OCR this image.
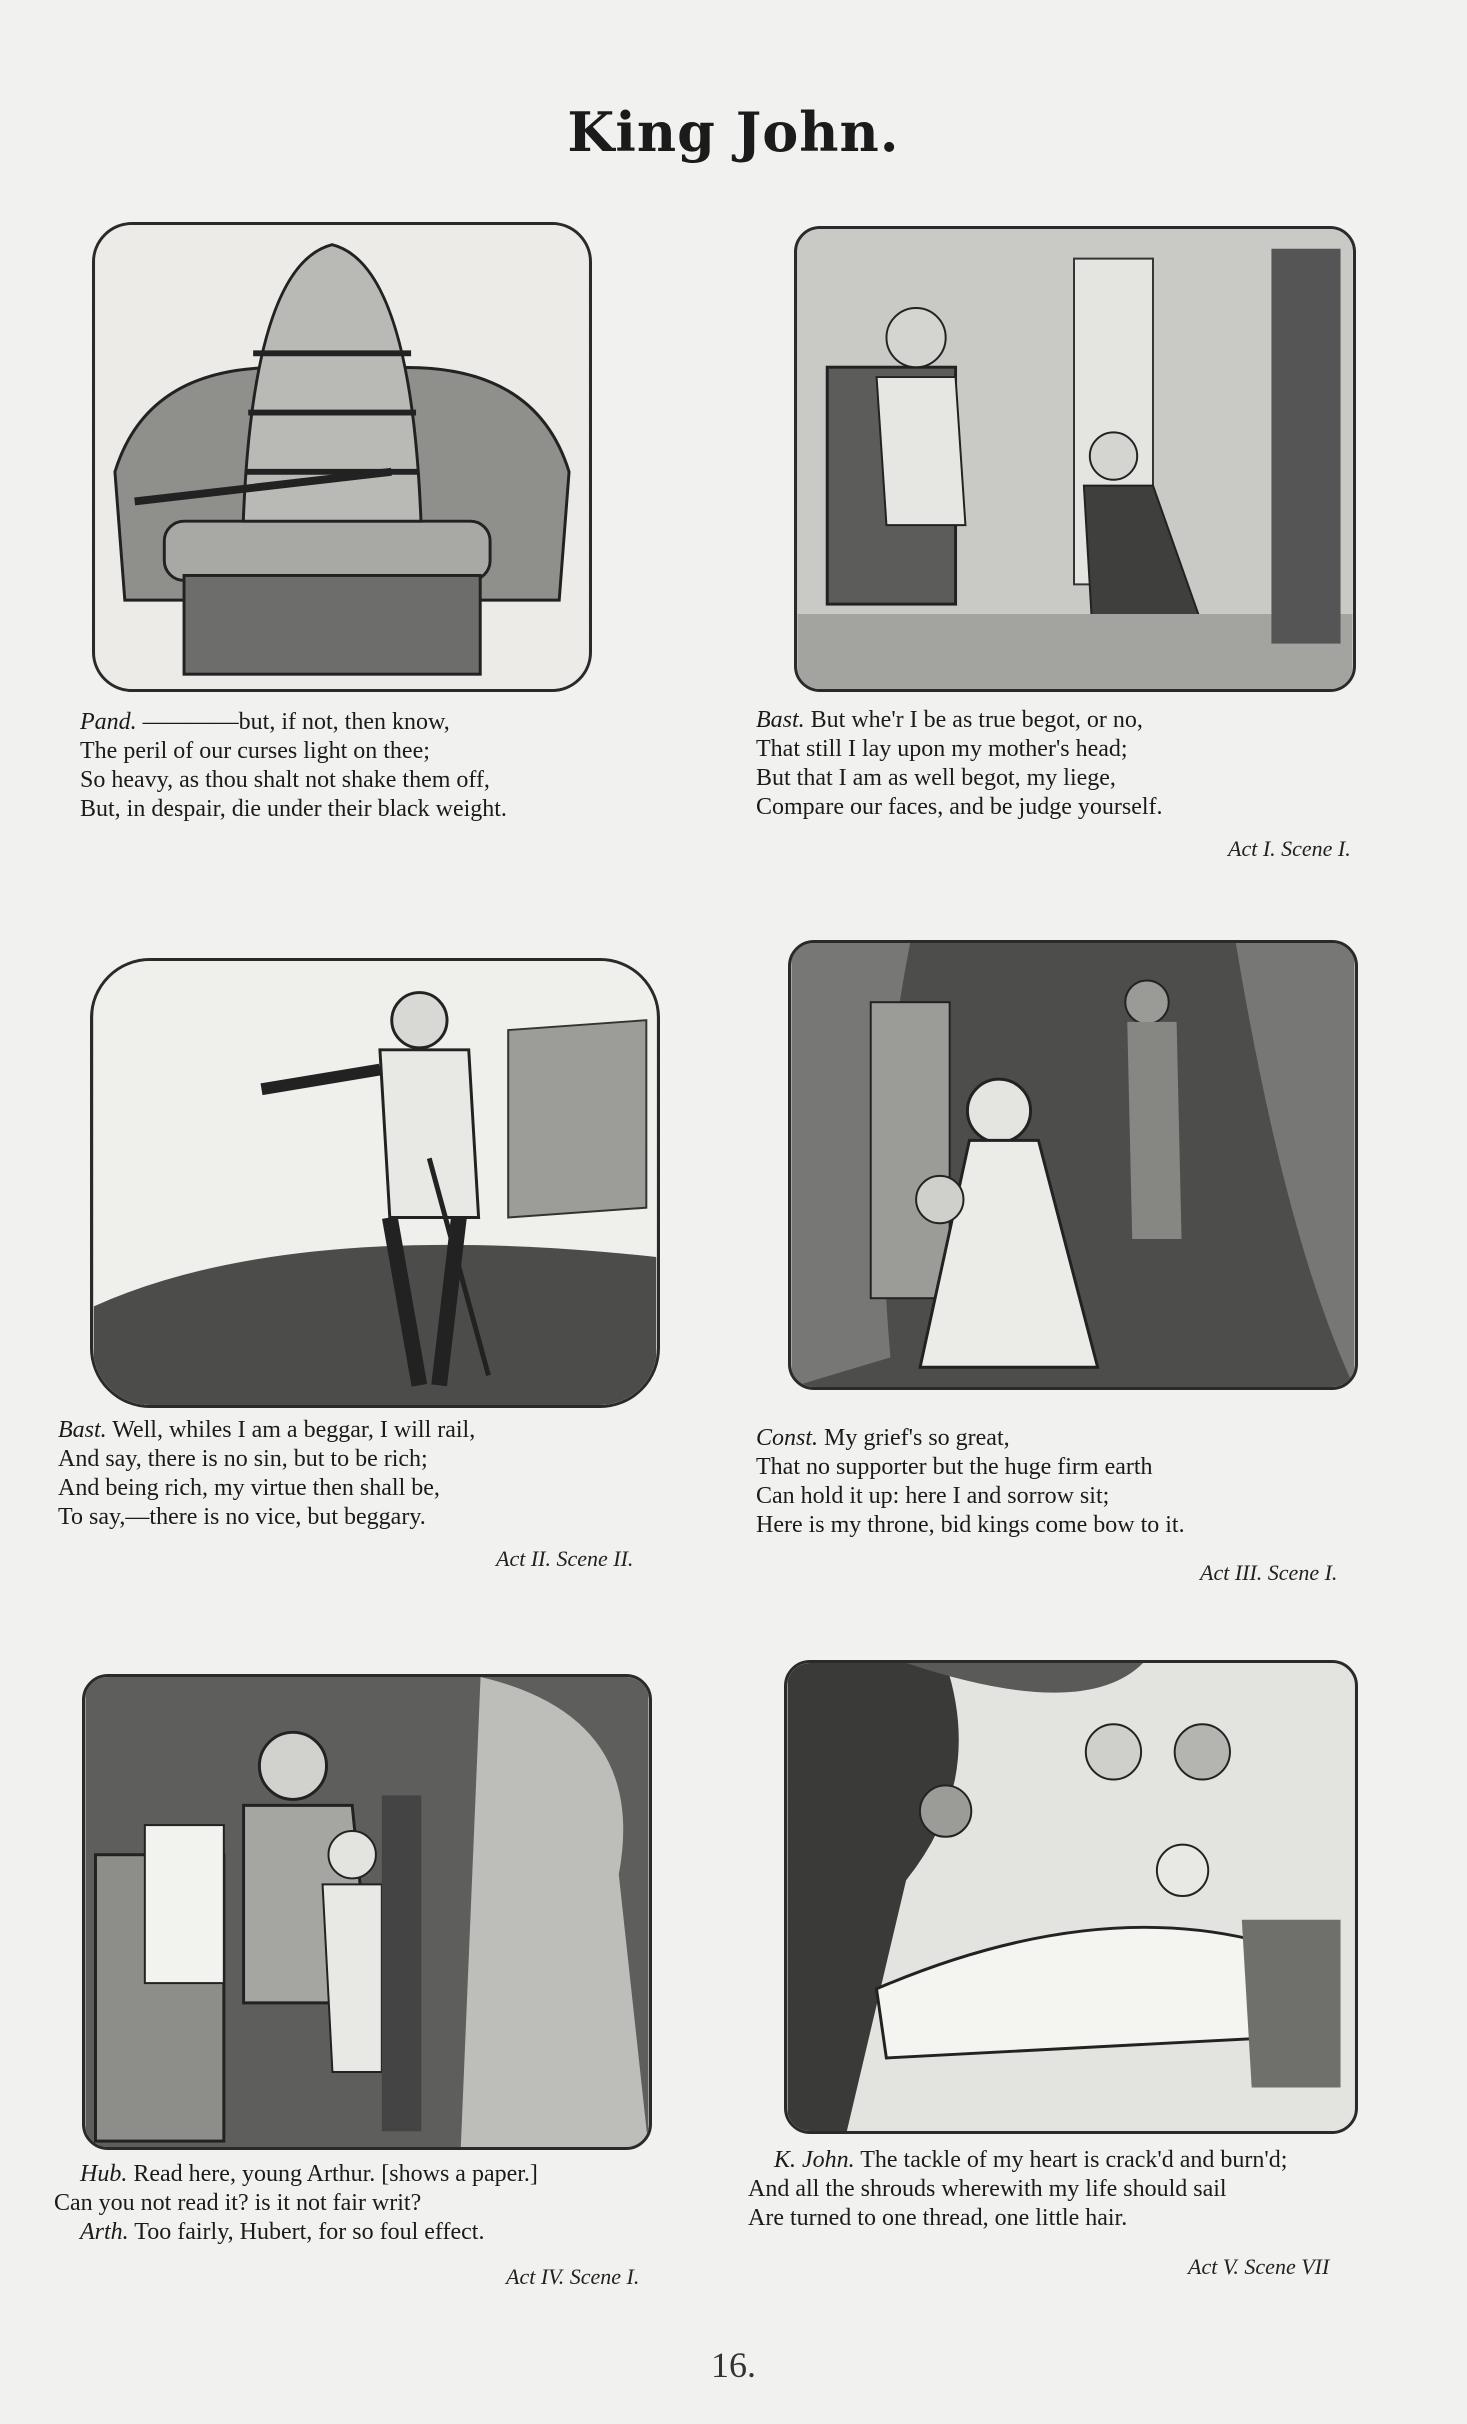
King John.
Pand. ————but, if not, then know,
The peril of our curses light on thee;
So heavy, as thou shalt not shake them off,
But, in despair, die under their black weight.
Bast. But whe'r I be as true begot, or no,
That still I lay upon my mother's head;
But that I am as well begot, my liege,
Compare our faces, and be judge yourself.
Act I. Scene I.
Bast. Well, whiles I am a beggar, I will rail,
And say, there is no sin, but to be rich;
And being rich, my virtue then shall be,
To say,—there is no vice, but beggary.
Act II. Scene II.
Const. My grief's so great,
That no supporter but the huge firm earth
Can hold it up: here I and sorrow sit;
Here is my throne, bid kings come bow to it.
Act III. Scene I.
Hub. Read here, young Arthur. [shows a paper.]
Can you not read it? is it not fair writ?
Arth. Too fairly, Hubert, for so foul effect.
Act IV. Scene I.
K. John. The tackle of my heart is crack'd and burn'd;
And all the shrouds wherewith my life should sail
Are turned to one thread, one little hair.
Act V. Scene VII
16.
